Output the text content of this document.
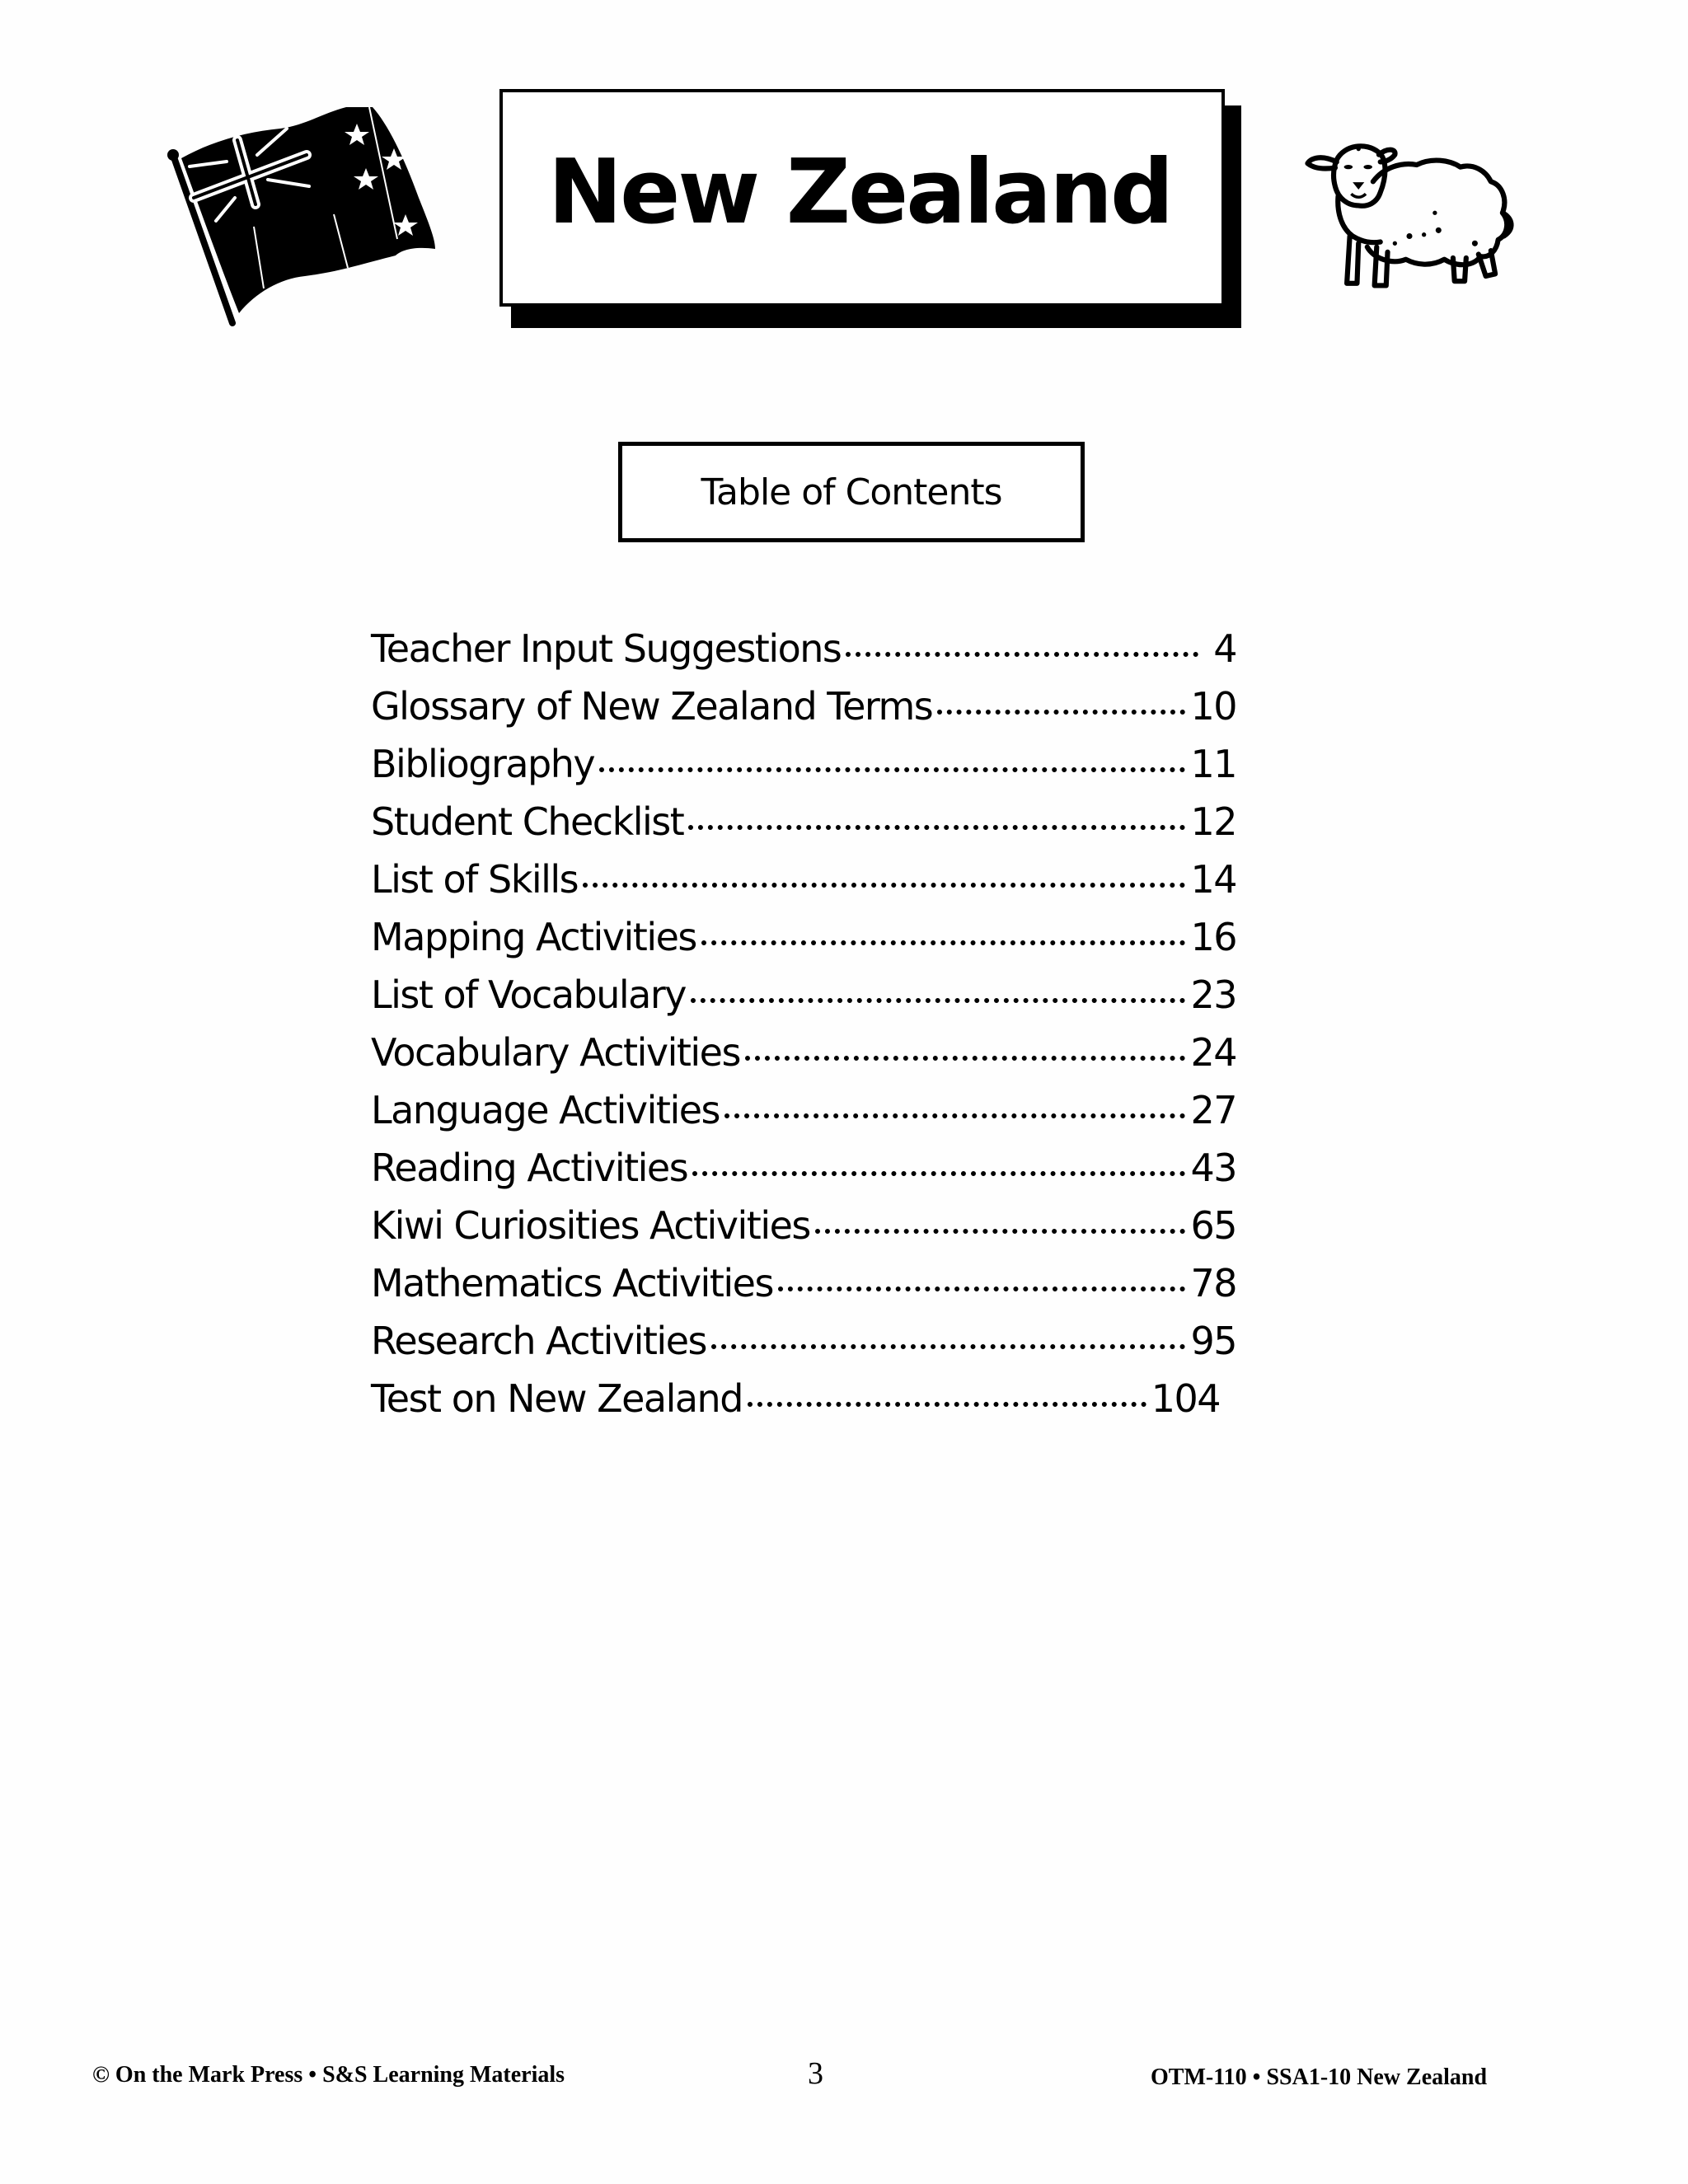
New Zealand
Table of Contents
Teacher Input Suggestions	4
Glossary of New Zealand Terms	10
Bibliography	11
Student Checklist	12
List of Skills	14
Mapping Activities	16
List of Vocabulary	23
Vocabulary Activities	24
Language Activities	27
Reading Activities	43
Kiwi Curiosities Activities	65
Mathematics Activities	78
Research Activities	95
Test on New Zealand	104
© On the Mark Press • S&S Learning Materials	3	OTM-110 • SSA1-10 New Zealand
